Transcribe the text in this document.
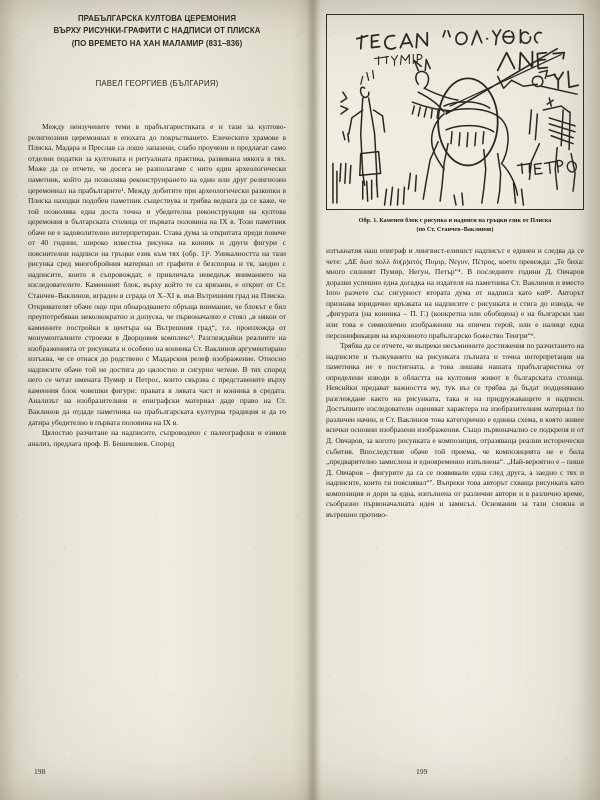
ПРАБЪЛГАРСКА КУЛТОВА ЦЕРЕМОНИЯ
ВЪРХУ РИСУНКИ-ГРАФИТИ С НАДПИСИ ОТ ПЛИСКА
(ПО ВРЕМЕТО НА ХАН МАЛАМИР (831–836)
ПАВЕЛ ГЕОРГИЕВ (БЪЛГАРИЯ)

Между неизучените теми в прабългаристиката е и тази за култово-религиозния церемониал в епохата до покръстването. Езическите храмове в Плиска, Мадара и Преслав са лошо запазени, слабо проучени и предлагат само отделни податки за култовата и ритуалната практика, развивана някога в тях. Може да се отчете, че досега не разполагаме с нито един археологически паметник, който да позволява реконструирането на един или друг религиозен церемониал на прабългарите¹. Между добитите при археологически разкопки в Плиска находки подобен паметник съществува и трябва веднага да се каже, че той позволява една доста точна и убедителна реконструкция на култова церемония в българската столица от първата половина на IX в. Този паметник обаче не е задоволително интерпретиран. Става дума за откритата преди повече от 40 години, широко известна рисунка на конник и други фигури с пояснителни надписи на гръцки език към тях (обр. 1)². Уникалността на тази рисунка сред многобройния материал от графити е безспорна и тя, заедно с надписите, които я съпровождат, е привличала неведнъж вниманието на изследователите. Каменният блок, върху който те са врязани, е открит от Ст. Станчев–Ваклинов, вграден в сграда от X–XI в. във Вътрешния град на Плиска. Откривателят обаче още при обнародването обръща внимание, че блокът е бил преупотребяван неколкократно и допуска, че първоначално е стоял „в някои от каменните постройки в центъра на Вътрешния град“, т.е. произхожда от монументалните строежи в Дворцовия комплекс³. Разглеждайки реалиите на изображенията от рисунката и особено на конника Ст. Ваклинов аргументирано изтъква, че се отнася до родствено с Мадарския релеф изображение. Относно надписите обаче той не достига до цялостно и сигурно четене. В тях според него се четат имената Пумир и Петрос, които свързва с представените върху каменния блок човешки фигури: правата в лявата част и конника в средата. Анализът на изобразителния и епиграфски материал даде право на Ст. Ваклинов да отдаде паметника на прабългарската културна традиция и да го датира убедително в първата половина на IX в.

Цялостно разчитане на надписите, съпроводено с палеографски и езиков анализ, предлага проф. В. Бешевлиев. Според

198
Обр. 1. Каменен блок с рисунка и надписи на гръцки език от Плиска
(по Ст. Станчев–Ваклинов)

изтъкнатия наш епиграф и лингвист-елинист надписът е единен и следва да се чете: „ΔΕ δωσ πολλ δυ(ρ)ατός Πυμιρ, Νεγυν, Πέτρος, което превежда: „Те биха: много силният Пумир, Негун, Петър“⁴. В последните години Д. Овчаров доразви успешно една догадка на издателя на паметника Ст. Ваклинов и вместо Ισου разчете със сигурност втората дума от надписа като καθ⁵. Авторът признава юридично връзката на надписите с рисунката и стига до извода, че „фигурата (на конника – П. Г.) (конкретна или обобщена) е на български хан или това е символично изображение на епичен герой, или е налице една персонификация на върховното прабългарско божество Тенгри“⁶.

Трябва да се отчете, че въпреки несъмнените достижения по разчитането на надписите и тълкуването на рисунката пълната и точна интерпретация на паметника не е постигната, а това лишава нашата прабългаристика от определени изводи в областта на култовия живот в българската столица. Неяснйки предават важността му, тук въз се трябва да бъдат подценявано разглеждане както на рисунката, така и на придружаващите я надписи. Достъпните изследователи оценяват характера на изобразителния материал по различен начин, и Ст. Ваклинов това категорично е единна схема, в която живее всички основни изобразени изображения. Също първоначално се подкрепя и от Д. Овчаров, за когото рисунката е композиция, отразяваща реални исторически събития. Впоследствие обаче той приема, че композицията не е била „предварително замислена и едновременно изпълнена“. „Най-вероятно е – пише Д. Овчаров – фигурите да са се появявали една след друга, а заедно с тях и надписите, които ги пояснявал“⁷. Въпреки това авторът схваща рисунката като композиция и дори за една, изпълнена от различни автори и в различно време, съобразно първоначалната идея и замисъл. Основания за тази сложна и вътрешно противо-

199
